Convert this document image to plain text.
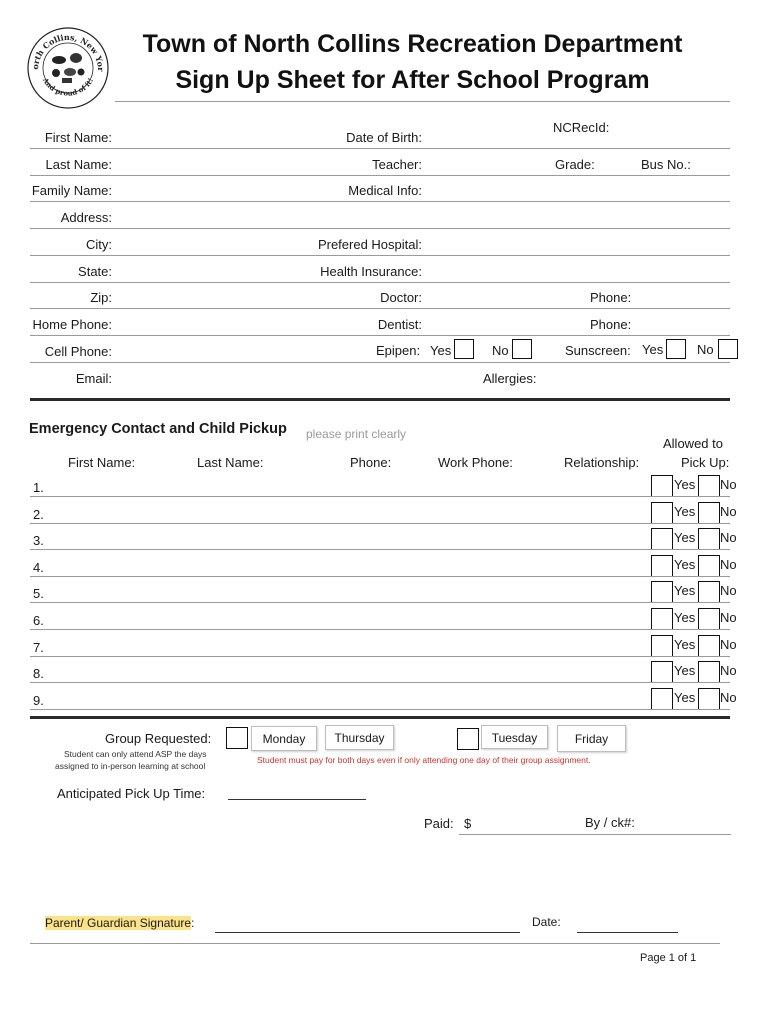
orth Collins, New Yor
And proud of it!
Town of North Collins Recreation Department
Sign Up Sheet for After School Program
NCRecId:
First Name:	Date of Birth:
Last Name:	Teacher:	Grade:	Bus No.:
Family Name:	Medical Info:
Address:
City:	Prefered Hospital:
State:	Health Insurance:
Zip:	Doctor:	Phone:
Home Phone:	Dentist:	Phone:
Cell Phone:	Epipen: Yes	No	Sunscreen: Yes	No
Email:	Allergies:
Emergency Contact and Child Pickup please print clearly
Allowed to
Pick Up:
First Name:	Last Name:	Phone:	Work Phone:	Relationship:
1.	Yes No
2.	Yes No
3.	Yes No
4.	Yes No
5.	Yes No
6.	Yes No
7.	Yes No
8.	Yes No
9.	Yes No
Group Requested:
Student can only attend ASP the days
assigned to in-person learning at school
Monday	Thursday	Tuesday	Friday
Student must pay for both days even if only attending one day of their group assignment.
Anticipated Pick Up Time:
Paid: $	By / ck#:
Parent/ Guardian Signature:	Date:
Page 1 of 1
